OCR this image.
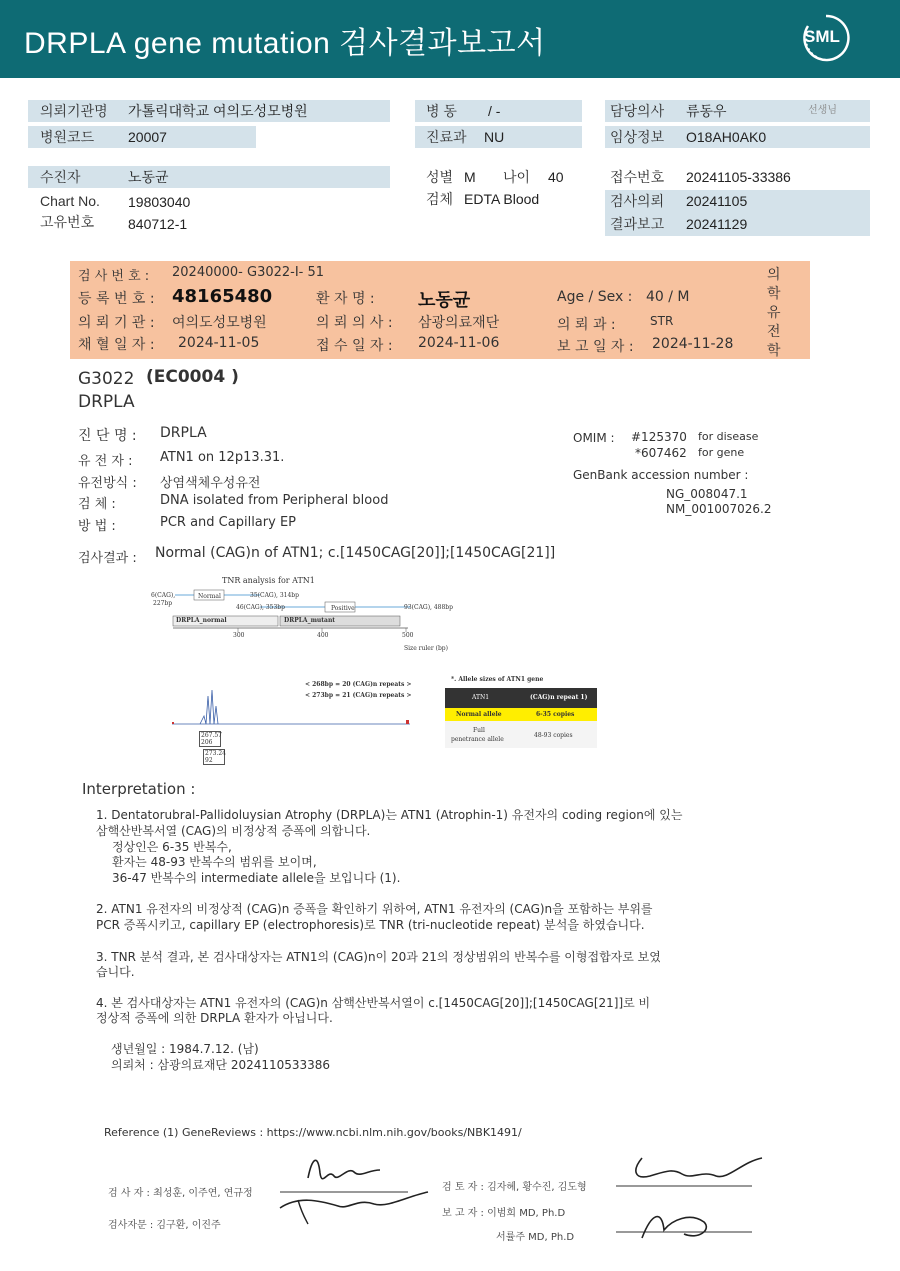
DRPLA gene mutation 검사결과보고서	SML
의뢰기관명 가톨릭대학교 여의도성모병원
병원코드 20007
병 동 / -
진료과 NU
담당의사 류동우	선생님
임상정보 O18AH0AK0
수진자	노동균
Chart No. 19803040
고유번호 840712-1
성별 M 나이 40
검체 EDTA Blood
접수번호 20241105-33386
검사의뢰 20241105
결과보고 20241129
검 사 번 호 : 20240000- G3022-I- 51
등 록 번 호 : 48165480	환 자 명 : 노동균	Age / Sex : 40 / M
의 뢰 기 관 : 여의도성모병원	의 뢰 의 사 : 삼광의료재단	의 뢰 과 :	STR
채 혈 일 자 : 2024-11-05	접 수 일 자 : 2024-11-06	보 고 일 자 : 2024-11-28
의
학
유
전
학
G3022 (EC0004 )
DRPLA
진 단 명 : DRPLA
유 전 자 : ATN1 on 12p13.31.
유전방식 : 상염색체우성유전
검 체 :	DNA isolated from Peripheral blood
방 법 :	PCR and Capillary EP
OMIM : #125370 for disease
*607462 for gene
GenBank accession number :
NG_008047.1
NM_001007026.2
검사결과 : Normal (CAG)n of ATN1; c.[1450CAG[20]];[1450CAG[21]]
TNR analysis for ATN1
6(CAG),
227bp
Normal	35(CAG), 314bp
46(CAG), 353bp	Positive	93(CAG), 488bp
DRPLA_normal	DRPLA_mutant
300	400	500
Size ruler (bp)
< 268bp = 20 (CAG)n repeats >
< 273bp = 21 (CAG)n repeats >
267.57
206
273.24
92
*. Allele sizes of ATN1 gene
ATN1	(CAG)n repeat 1)
Normal allele	6-35 copies
Full
penetrance allele
48-93 copies
Interpretation :
1. Dentatorubral-Pallidoluysian Atrophy (DRPLA)는 ATN1 (Atrophin-1) 유전자의 coding region에 있는
삼핵산반복서열 (CAG)의 비정상적 증폭에 의합니다.
정상인은 6-35 반복수,
환자는 48-93 반복수의 범위를 보이며,
36-47 반복수의 intermediate allele을 보입니다 (1).
2. ATN1 유전자의 비정상적 (CAG)n 증폭을 확인하기 위하여, ATN1 유전자의 (CAG)n을 포함하는 부위를
PCR 증폭시키고, capillary EP (electrophoresis)로 TNR (tri-nucleotide repeat) 분석을 하였습니다.
3. TNR 분석 결과, 본 검사대상자는 ATN1의 (CAG)n이 20과 21의 정상범위의 반복수를 이형접합자로 보였
습니다.
4. 본 검사대상자는 ATN1 유전자의 (CAG)n 삼핵산반복서열이 c.[1450CAG[20]];[1450CAG[21]]로 비
정상적 증폭에 의한 DRPLA 환자가 아닙니다.
생년월일 : 1984.7.12. (남)
의뢰처 : 삼광의료재단 2024110533386
Reference (1) GeneReviews : https://www.ncbi.nlm.nih.gov/books/NBK1491/
검 사 자 : 최성훈, 이주연, 연규정
검사자문 : 김구환, 이진주
검 토 자 : 김자혜, 황수진, 김도형
보 고 자 : 이범희 MD, Ph.D
서률주 MD, Ph.D
